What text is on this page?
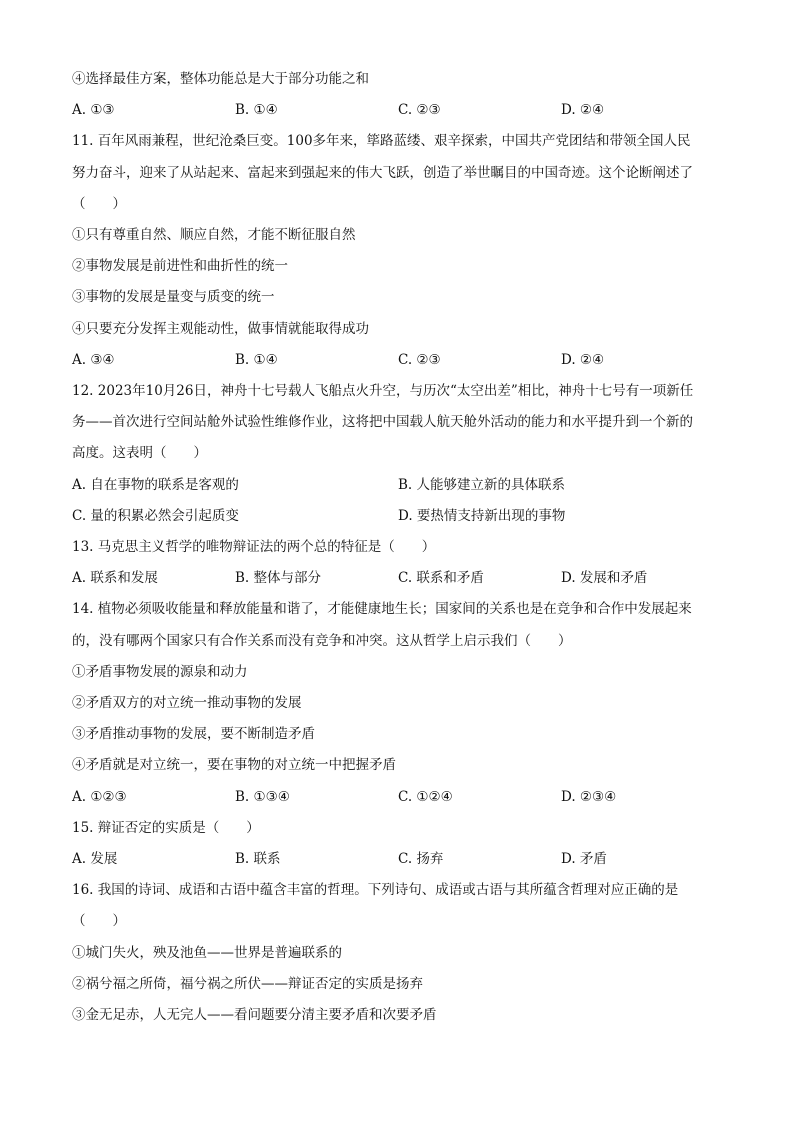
④选择最佳方案，整体功能总是大于部分功能之和
A. ①③	B. ①④	C. ②③	D. ②④
11. 百年风雨兼程，世纪沧桑巨变。100多年来，筚路蓝缕、艰辛探索，中国共产党团结和带领全国人民
努力奋斗，迎来了从站起来、富起来到强起来的伟大飞跃，创造了举世瞩目的中国奇迹。这个论断阐述了
（　　）
①只有尊重自然、顺应自然，才能不断征服自然
②事物发展是前进性和曲折性的统一
③事物的发展是量变与质变的统一
④只要充分发挥主观能动性，做事情就能取得成功
A. ③④	B. ①④	C. ②③	D. ②④
12. 2023年10月26日，神舟十七号载人飞船点火升空，与历次“太空出差”相比，神舟十七号有一项新任
务——首次进行空间站舱外试验性维修作业，这将把中国载人航天舱外活动的能力和水平提升到一个新的
高度。这表明（　　）
A. 自在事物的联系是客观的	B. 人能够建立新的具体联系
C. 量的积累必然会引起质变	D. 要热情支持新出现的事物
13. 马克思主义哲学的唯物辩证法的两个总的特征是（　　）
A. 联系和发展	B. 整体与部分	C. 联系和矛盾	D. 发展和矛盾
14. 植物必须吸收能量和释放能量和谐了，才能健康地生长；国家间的关系也是在竞争和合作中发展起来
的，没有哪两个国家只有合作关系而没有竞争和冲突。这从哲学上启示我们（　　）
①矛盾事物发展的源泉和动力
②矛盾双方的对立统一推动事物的发展
③矛盾推动事物的发展，要不断制造矛盾
④矛盾就是对立统一，要在事物的对立统一中把握矛盾
A. ①②③	B. ①③④	C. ①②④	D. ②③④
15. 辩证否定的实质是（　　）
A. 发展	B. 联系	C. 扬弃	D. 矛盾
16. 我国的诗词、成语和古语中蕴含丰富的哲理。下列诗句、成语或古语与其所蕴含哲理对应正确的是
（　　）
①城门失火，殃及池鱼——世界是普遍联系的
②祸兮福之所倚，福兮祸之所伏——辩证否定的实质是扬弃
③金无足赤，人无完人——看问题要分清主要矛盾和次要矛盾
